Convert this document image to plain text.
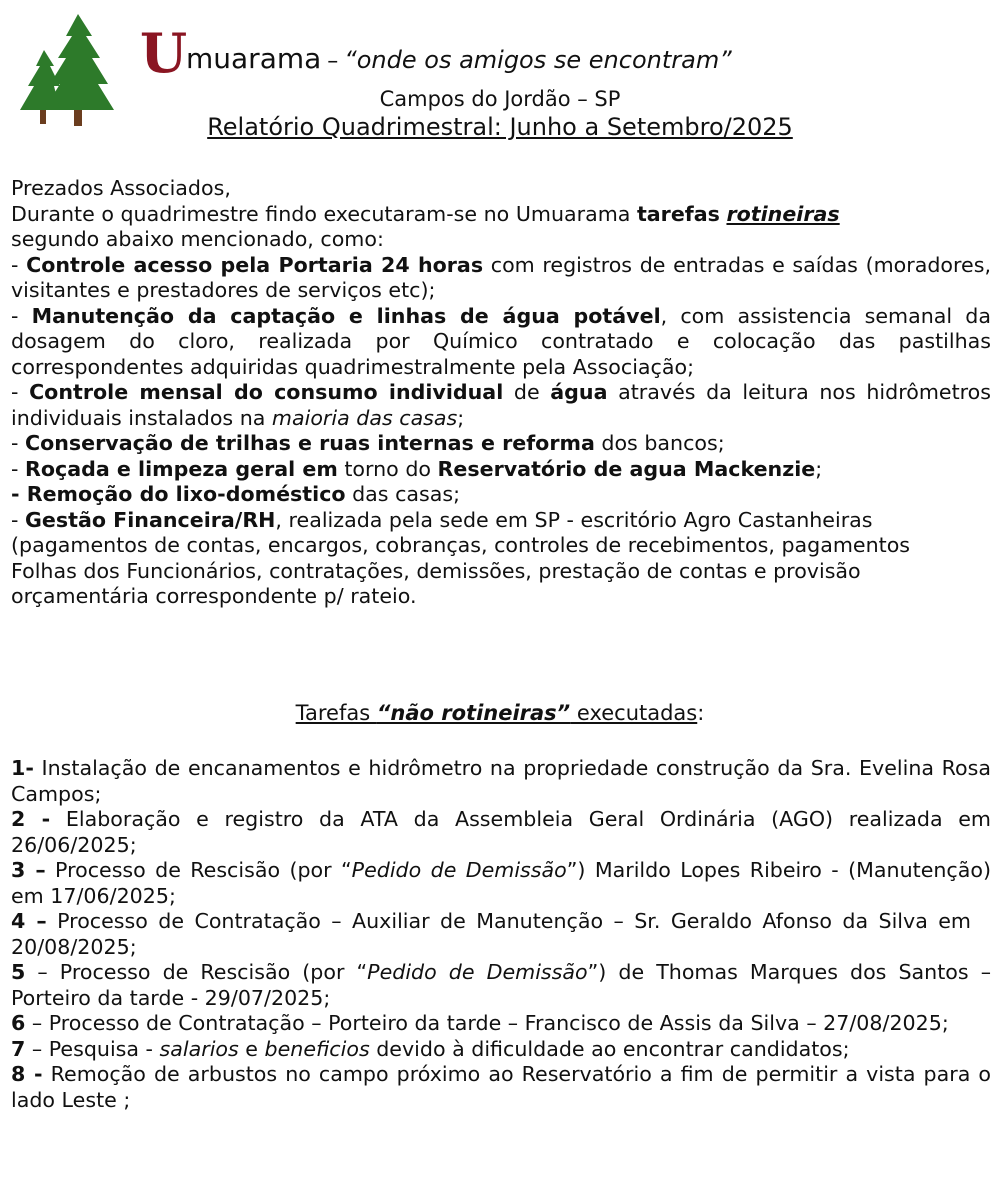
U
muarama – “onde os amigos se encontram”
Campos do Jordão – SP
Relatório Quadrimestral: Junho a Setembro/2025

Prezados Associados,

Durante o quadrimestre findo executaram-se no Umuarama tarefas rotineiras
segundo abaixo mencionado, como:

- Controle acesso pela Portaria 24 horas com registros de entradas e saídas (moradores, visitantes e prestadores de serviços etc);

- Manutenção da captação e linhas de água potável, com assistencia semanal da dosagem do cloro, realizada por Químico contratado e colocação das pastilhas correspondentes adquiridas quadrimestralmente pela Associação;

- Controle mensal do consumo individual de água através da leitura nos hidrômetros individuais instalados na maioria das casas;

- Conservação de trilhas e ruas internas e reforma dos bancos;

- Roçada e limpeza geral em torno do Reservatório de agua Mackenzie;

- Remoção do lixo-doméstico das casas;

- Gestão Financeira/RH, realizada pela sede em SP - escritório Agro Castanheiras (pagamentos de contas, encargos, cobranças, controles de recebimentos, pagamentos Folhas dos Funcionários, contratações, demissões, prestação de contas e provisão orçamentária correspondente p/ rateio.

Tarefas “não rotineiras” executadas:

1- Instalação de encanamentos e hidrômetro na propriedade construção da Sra. Evelina Rosa Campos;

2 - Elaboração e registro da ATA da Assembleia Geral Ordinária (AGO) realizada em 26/06/2025;

3 – Processo de Rescisão (por “Pedido de Demissão”) Marildo Lopes Ribeiro - (Manutenção) em 17/06/2025;

4 – Processo de Contratação – Auxiliar de Manutenção – Sr. Geraldo Afonso da Silva em 20/08/2025;

5 – Processo de Rescisão (por “Pedido de Demissão”) de Thomas Marques dos Santos – Porteiro da tarde - 29/07/2025;

6 – Processo de Contratação – Porteiro da tarde – Francisco de Assis da Silva – 27/08/2025;

7 – Pesquisa - salarios e beneficios devido à dificuldade ao encontrar candidatos;

8 - Remoção de arbustos no campo próximo ao Reservatório a fim de permitir a vista para o lado Leste ;
